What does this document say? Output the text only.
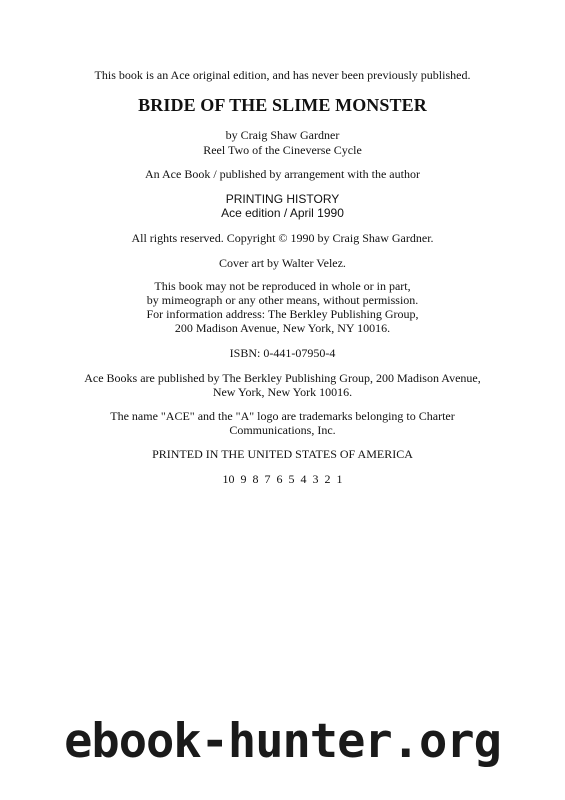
This book is an Ace original edition, and has never been previously published.
BRIDE OF THE SLIME MONSTER
by Craig Shaw Gardner
Reel Two of the Cineverse Cycle
An Ace Book / published by arrangement with the author
PRINTING HISTORY
Ace edition / April 1990
All rights reserved. Copyright © 1990 by Craig Shaw Gardner.
Cover art by Walter Velez.
This book may not be reproduced in whole or in part,
by mimeograph or any other means, without permission.
For information address: The Berkley Publishing Group,
200 Madison Avenue, New York, NY 10016.
ISBN: 0-441-07950-4
Ace Books are published by The Berkley Publishing Group, 200 Madison Avenue,
New York, New York 10016.
The name "ACE" and the "A" logo are trademarks belonging to Charter
Communications, Inc.
PRINTED IN THE UNITED STATES OF AMERICA
10  9  8  7  6  5  4  3  2  1
ebook-hunter.org
